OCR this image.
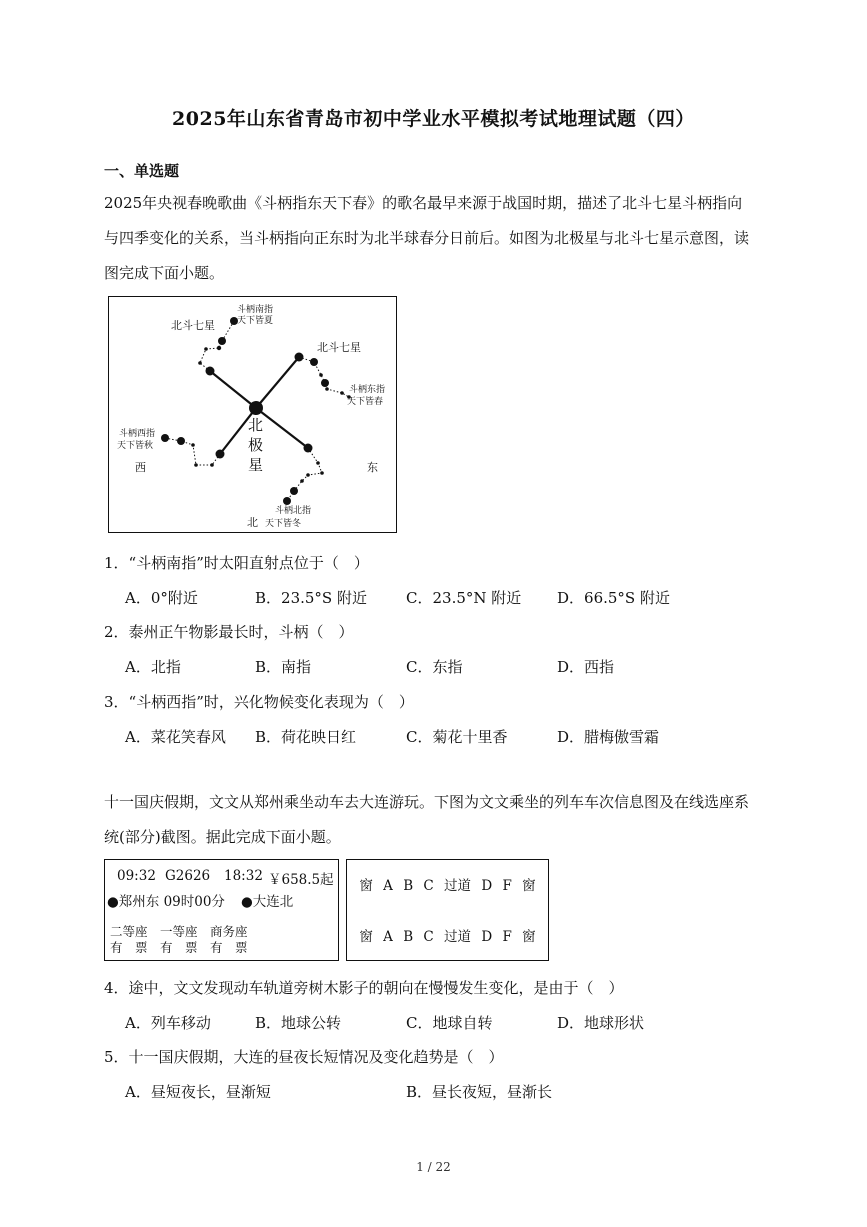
2025年山东省青岛市初中学业水平模拟考试地理试题（四）
一、单选题
2025年央视春晚歌曲《斗柄指东天下春》的歌名最早来源于战国时期，描述了北斗七星斗柄指向
与四季变化的关系，当斗柄指向正东时为北半球春分日前后。如图为北极星与北斗七星示意图，读
图完成下面小题。
北斗七星
北斗七星
斗柄南指
天下皆夏
斗柄东指
天下皆春
斗柄西指
天下皆秋
斗柄北指
天下皆冬
北
极
星
西	东
北
1．“斗柄南指”时太阳直射点位于（　）
A．0°附近	B．23.5°S 附近	C．23.5°N 附近 D．66.5°S 附近
2．泰州正午物影最长时，斗柄（　）
A．北指	B．南指	C．东指	D．西指
3．“斗柄西指”时，兴化物候变化表现为（　）
A．菜花笑春风 B．荷花映日红	C．菊花十里香	D．腊梅傲雪霜
十一国庆假期，文文从郑州乘坐动车去大连游玩。下图为文文乘坐的列车车次信息图及在线选座系
统(部分)截图。据此完成下面小题。
09:32 G2626 18:32 ￥658.5起
●郑州东 09时00分 ●大连北
二等座　一等座　商务座
有　票　有　票　有　票
窗 A B C 过道 D F 窗
窗 A B C 过道 D F 窗
4．途中，文文发现动车轨道旁树木影子的朝向在慢慢发生变化，是由于（　）
A．列车移动	B．地球公转	C．地球自转	D．地球形状
5．十一国庆假期，大连的昼夜长短情况及变化趋势是（　）
A．昼短夜长，昼渐短	B．昼长夜短，昼渐长
1 / 22
